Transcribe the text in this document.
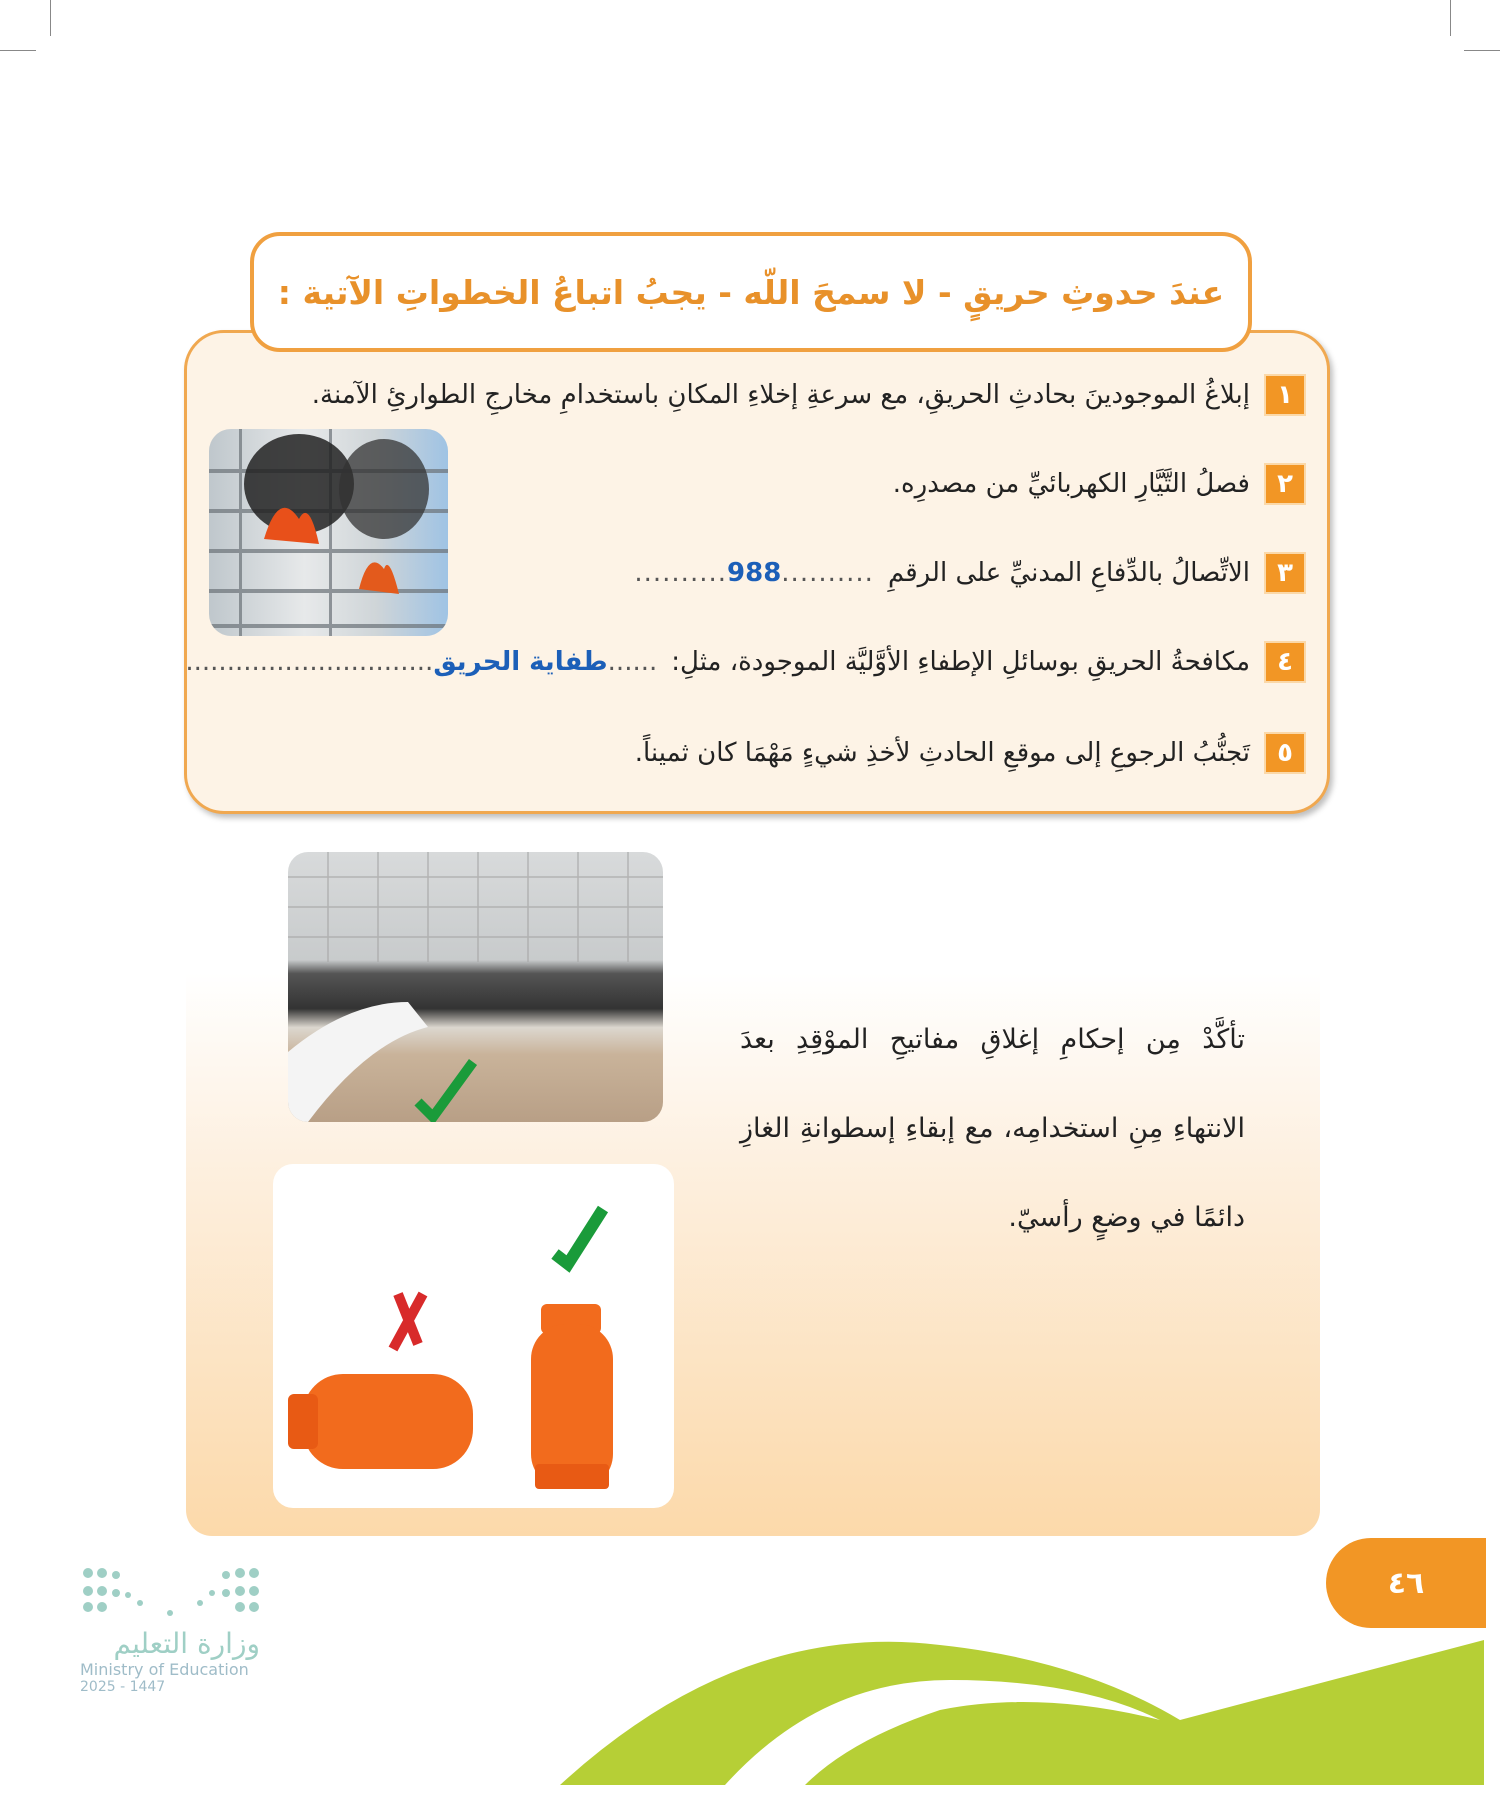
عندَ حدوثِ حريقٍ - لا سمحَ اللّه - يجبُ اتباعُ الخطواتِ الآتية :
١
إبلاغُ الموجودينَ بحادثِ الحريقِ، مع سرعةِ إخلاءِ المكانِ باستخدامِ مخارجِ الطوارئِ الآمنة.
٢
فصلُ التَّيَّارِ الكهربائيِّ من مصدرِه.
٣
الاتِّصالُ بالدِّفاعِ المدنيِّ على الرقمِ
..........988..........
٤
مكافحةُ الحريقِ بوسائلِ الإطفاءِ الأوَّليَّة الموجودة، مثلِ:
......طفاية الحريق..............................
٥
تَجنُّبُ الرجوعِ إلى موقعِ الحادثِ لأخذِ شيءٍ مَهْمَا كان ثميناً.
تأكَّدْ مِن إحكامِ إغلاقِ مفاتيحِ الموْقِدِ بعدَ الانتهاءِ مِنِ استخدامِه، مع إبقاءِ إسطوانةِ الغازِ دائمًا في وضعٍ رأسيّ.
٤٦
وزارة التعليم
Ministry of Education
2025 - 1447
